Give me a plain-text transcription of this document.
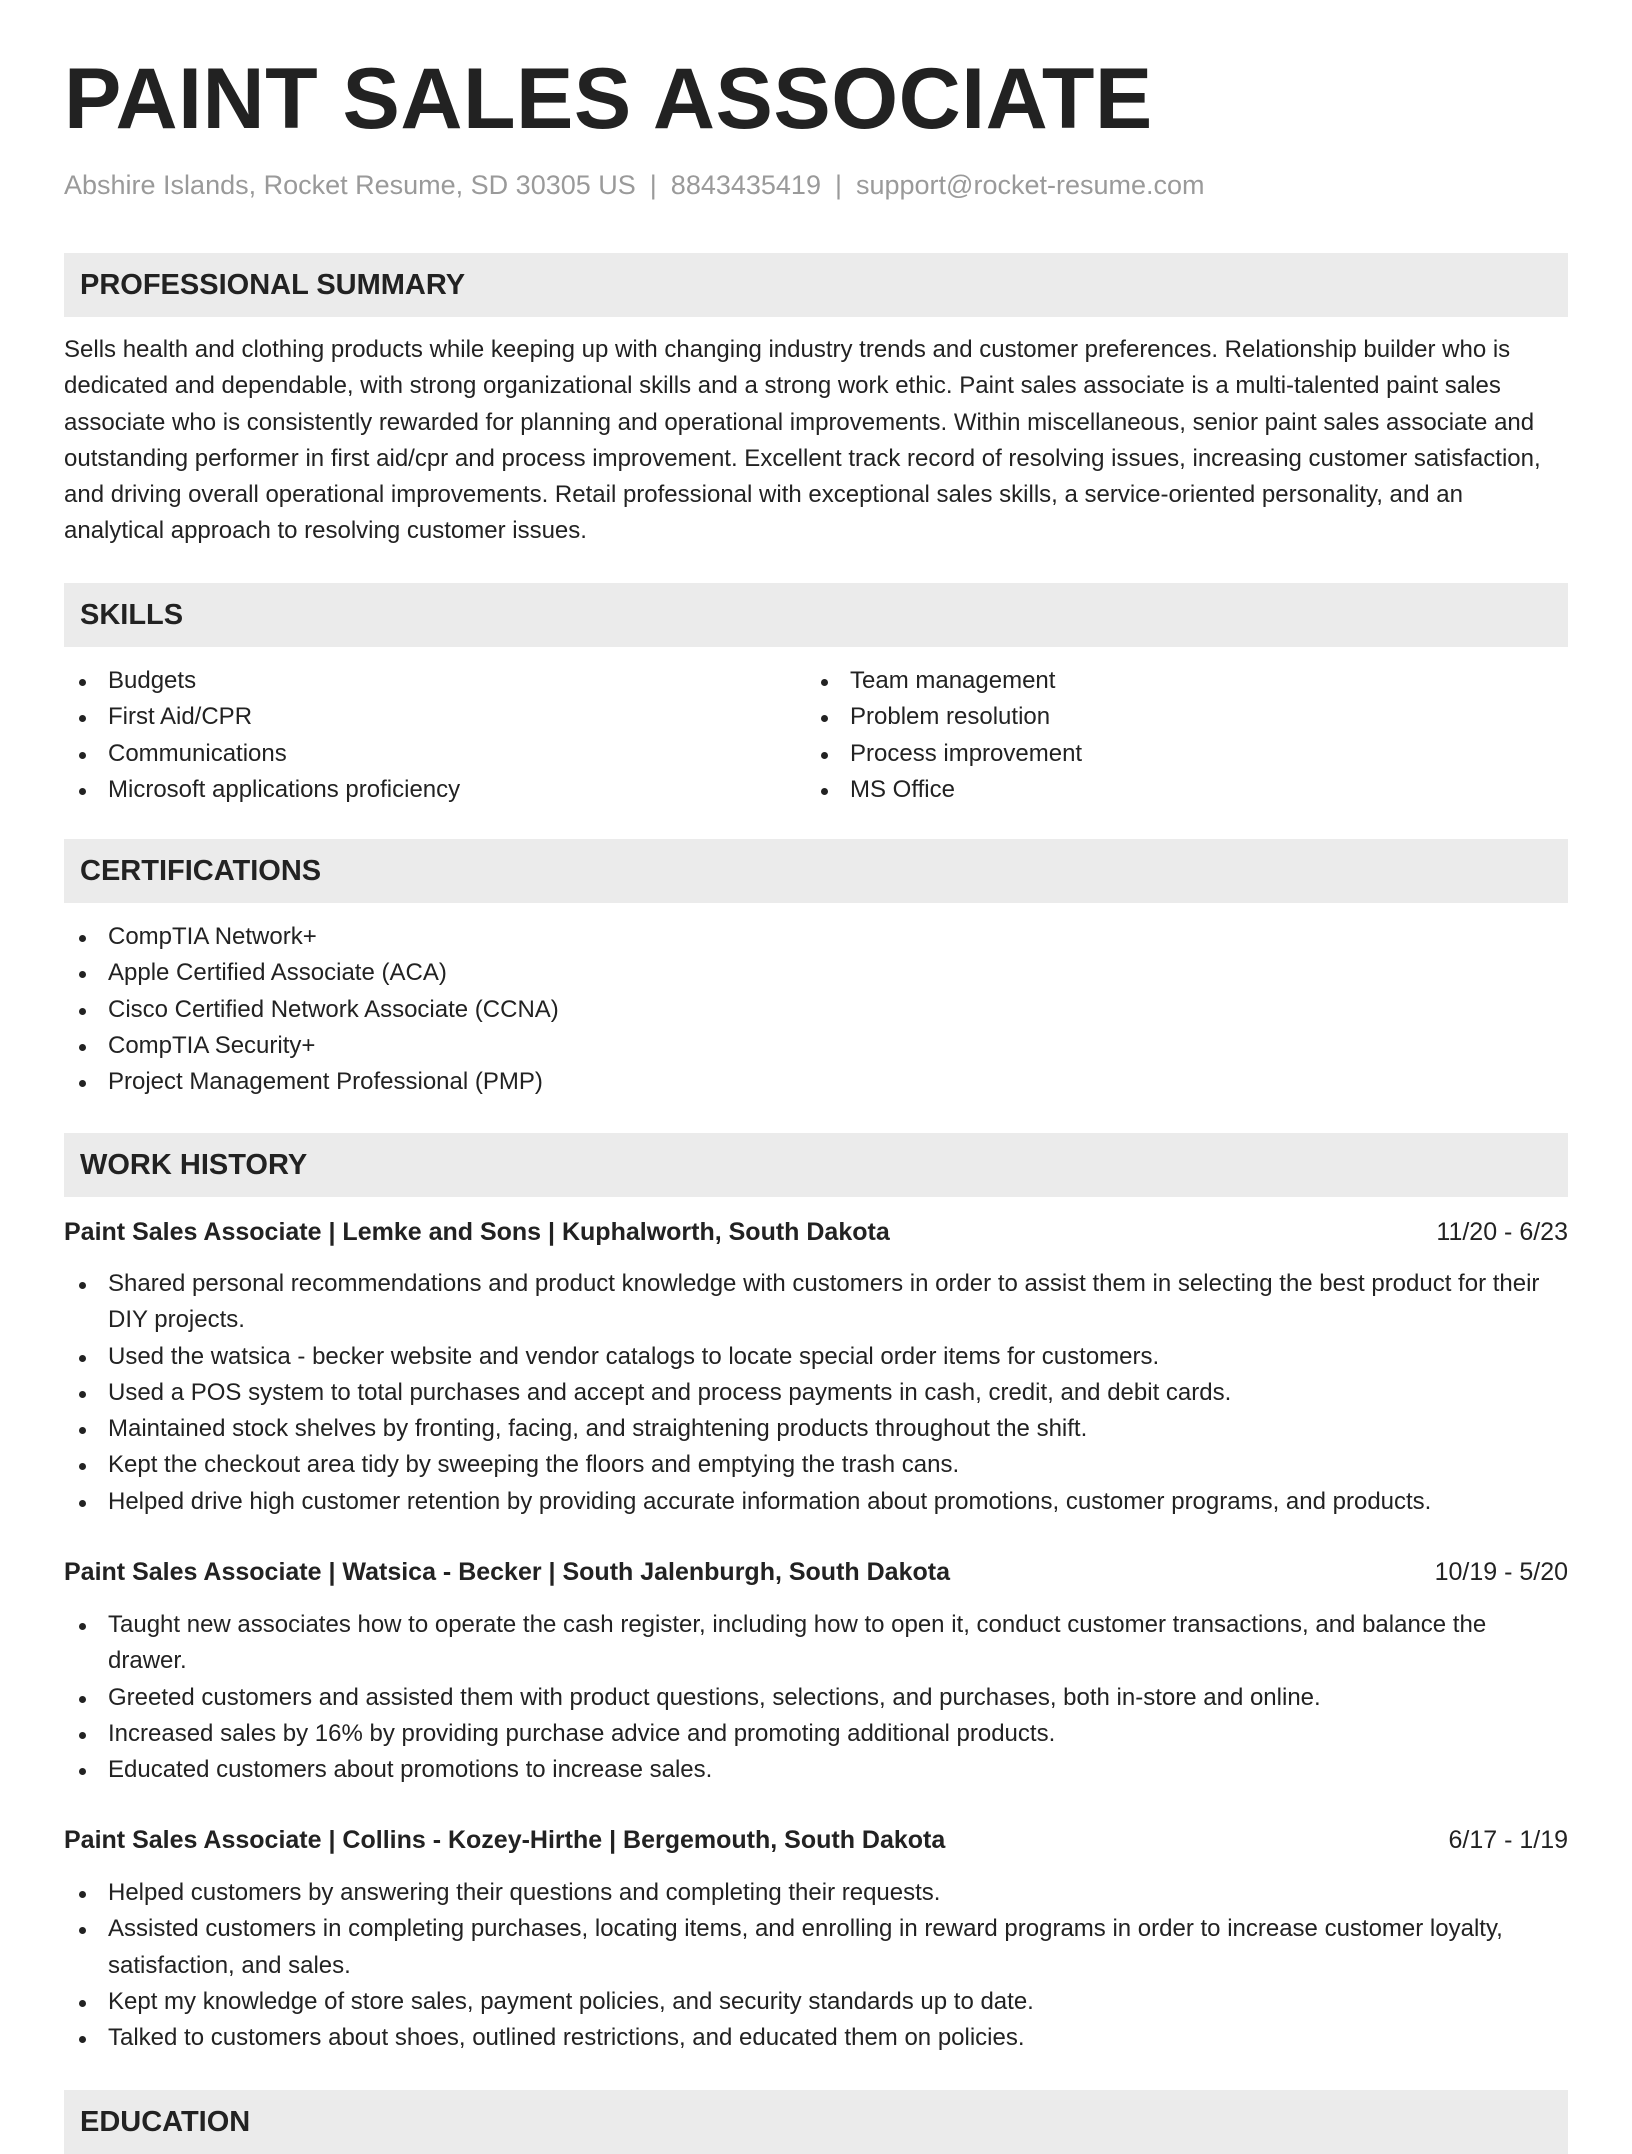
PAINT SALES ASSOCIATE
Abshire Islands, Rocket Resume, SD 30305 US | 8843435419 | support@rocket-resume.com
PROFESSIONAL SUMMARY

Sells health and clothing products while keeping up with changing industry trends and customer preferences. Relationship builder who is dedicated and dependable, with strong organizational skills and a strong work ethic. Paint sales associate is a multi-talented paint sales associate who is consistently rewarded for planning and operational improvements. Within miscellaneous, senior paint sales associate and outstanding performer in first aid/cpr and process improvement. Excellent track record of resolving issues, increasing customer satisfaction, and driving overall operational improvements. Retail professional with exceptional sales skills, a service-oriented personality, and an analytical approach to resolving customer issues.

SKILLS
Budgets
First Aid/CPR
Communications
Microsoft applications proficiency
Team management
Problem resolution
Process improvement
MS Office
CERTIFICATIONS
CompTIA Network+
Apple Certified Associate (ACA)
Cisco Certified Network Associate (CCNA)
CompTIA Security+
Project Management Professional (PMP)
WORK HISTORY
Paint Sales Associate | Lemke and Sons | Kuphalworth, South Dakota	11/20 - 6/23
Shared personal recommendations and product knowledge with customers in order to assist them in selecting the best product for their DIY projects.
Used the watsica - becker website and vendor catalogs to locate special order items for customers.
Used a POS system to total purchases and accept and process payments in cash, credit, and debit cards.
Maintained stock shelves by fronting, facing, and straightening products throughout the shift.
Kept the checkout area tidy by sweeping the floors and emptying the trash cans.
Helped drive high customer retention by providing accurate information about promotions, customer programs, and products.
Paint Sales Associate | Watsica - Becker | South Jalenburgh, South Dakota	10/19 - 5/20
Taught new associates how to operate the cash register, including how to open it, conduct customer transactions, and balance the drawer.
Greeted customers and assisted them with product questions, selections, and purchases, both in-store and online.
Increased sales by 16% by providing purchase advice and promoting additional products.
Educated customers about promotions to increase sales.
Paint Sales Associate | Collins - Kozey-Hirthe | Bergemouth, South Dakota	6/17 - 1/19
Helped customers by answering their questions and completing their requests.
Assisted customers in completing purchases, locating items, and enrolling in reward programs in order to increase customer loyalty, satisfaction, and sales.
Kept my knowledge of store sales, payment policies, and security standards up to date.
Talked to customers about shoes, outlined restrictions, and educated them on policies.
EDUCATION
